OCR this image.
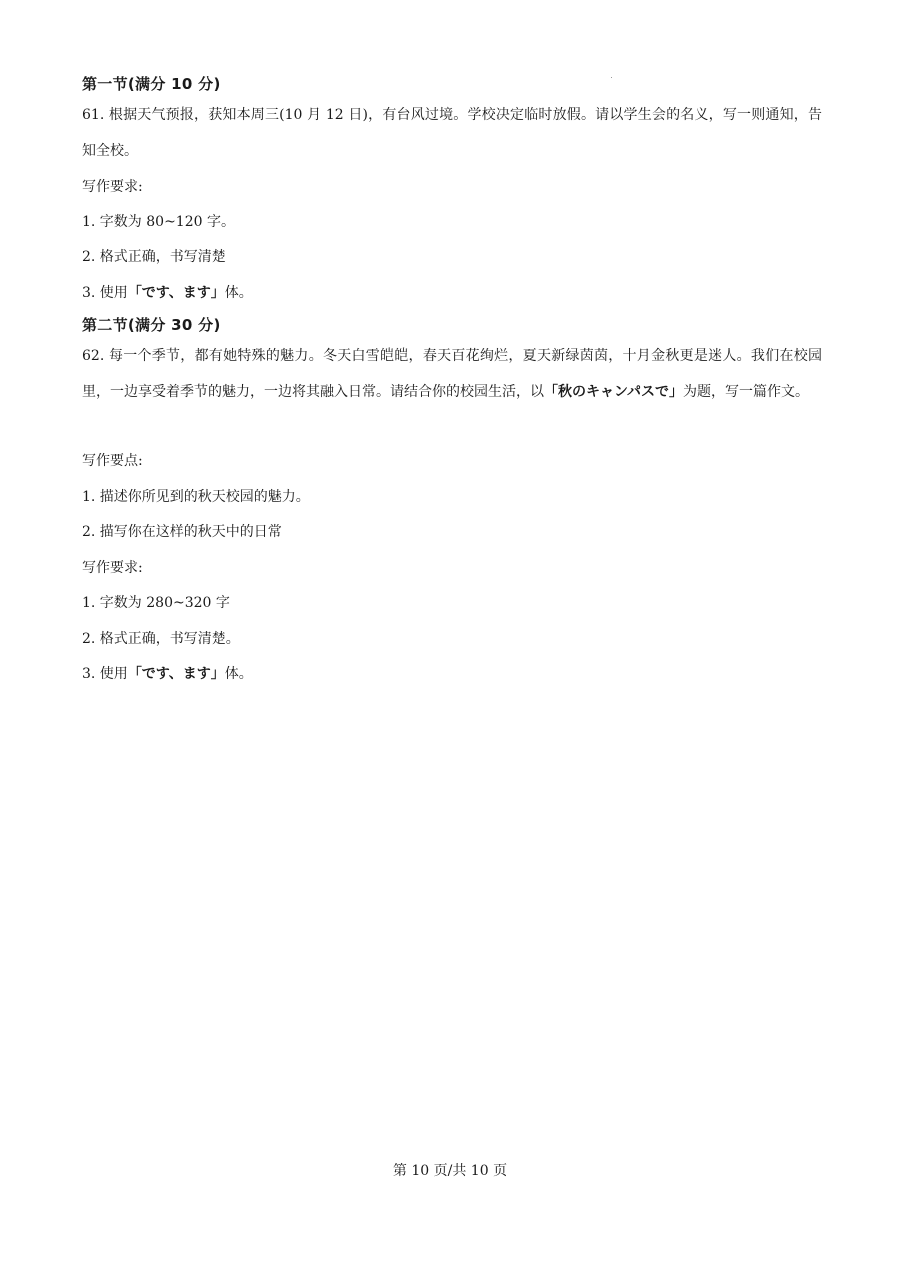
第一节(满分 10 分)

61. 根据天气预报，获知本周三(10 月 12 日)，有台风过境。学校决定临时放假。请以学生会的名义，写一则通知，告知全校。

写作要求:
1. 字数为 80~120 字。
2. 格式正确，书写清楚
3. 使用「です、ます」体。
第二节(满分 30 分)

62. 每一个季节，都有她特殊的魅力。冬天白雪皑皑，春天百花绚烂，夏天新绿茵茵，十月金秋更是迷人。我们在校园里，一边享受着季节的魅力，一边将其融入日常。请结合你的校园生活，以「秋のキャンパスで」为题，写一篇作文。

写作要点:
1. 描述你所见到的秋天校园的魅力。
2. 描写你在这样的秋天中的日常
写作要求:
1. 字数为 280~320 字
2. 格式正确，书写清楚。
3. 使用「です、ます」体。
第 10 页/共 10 页
